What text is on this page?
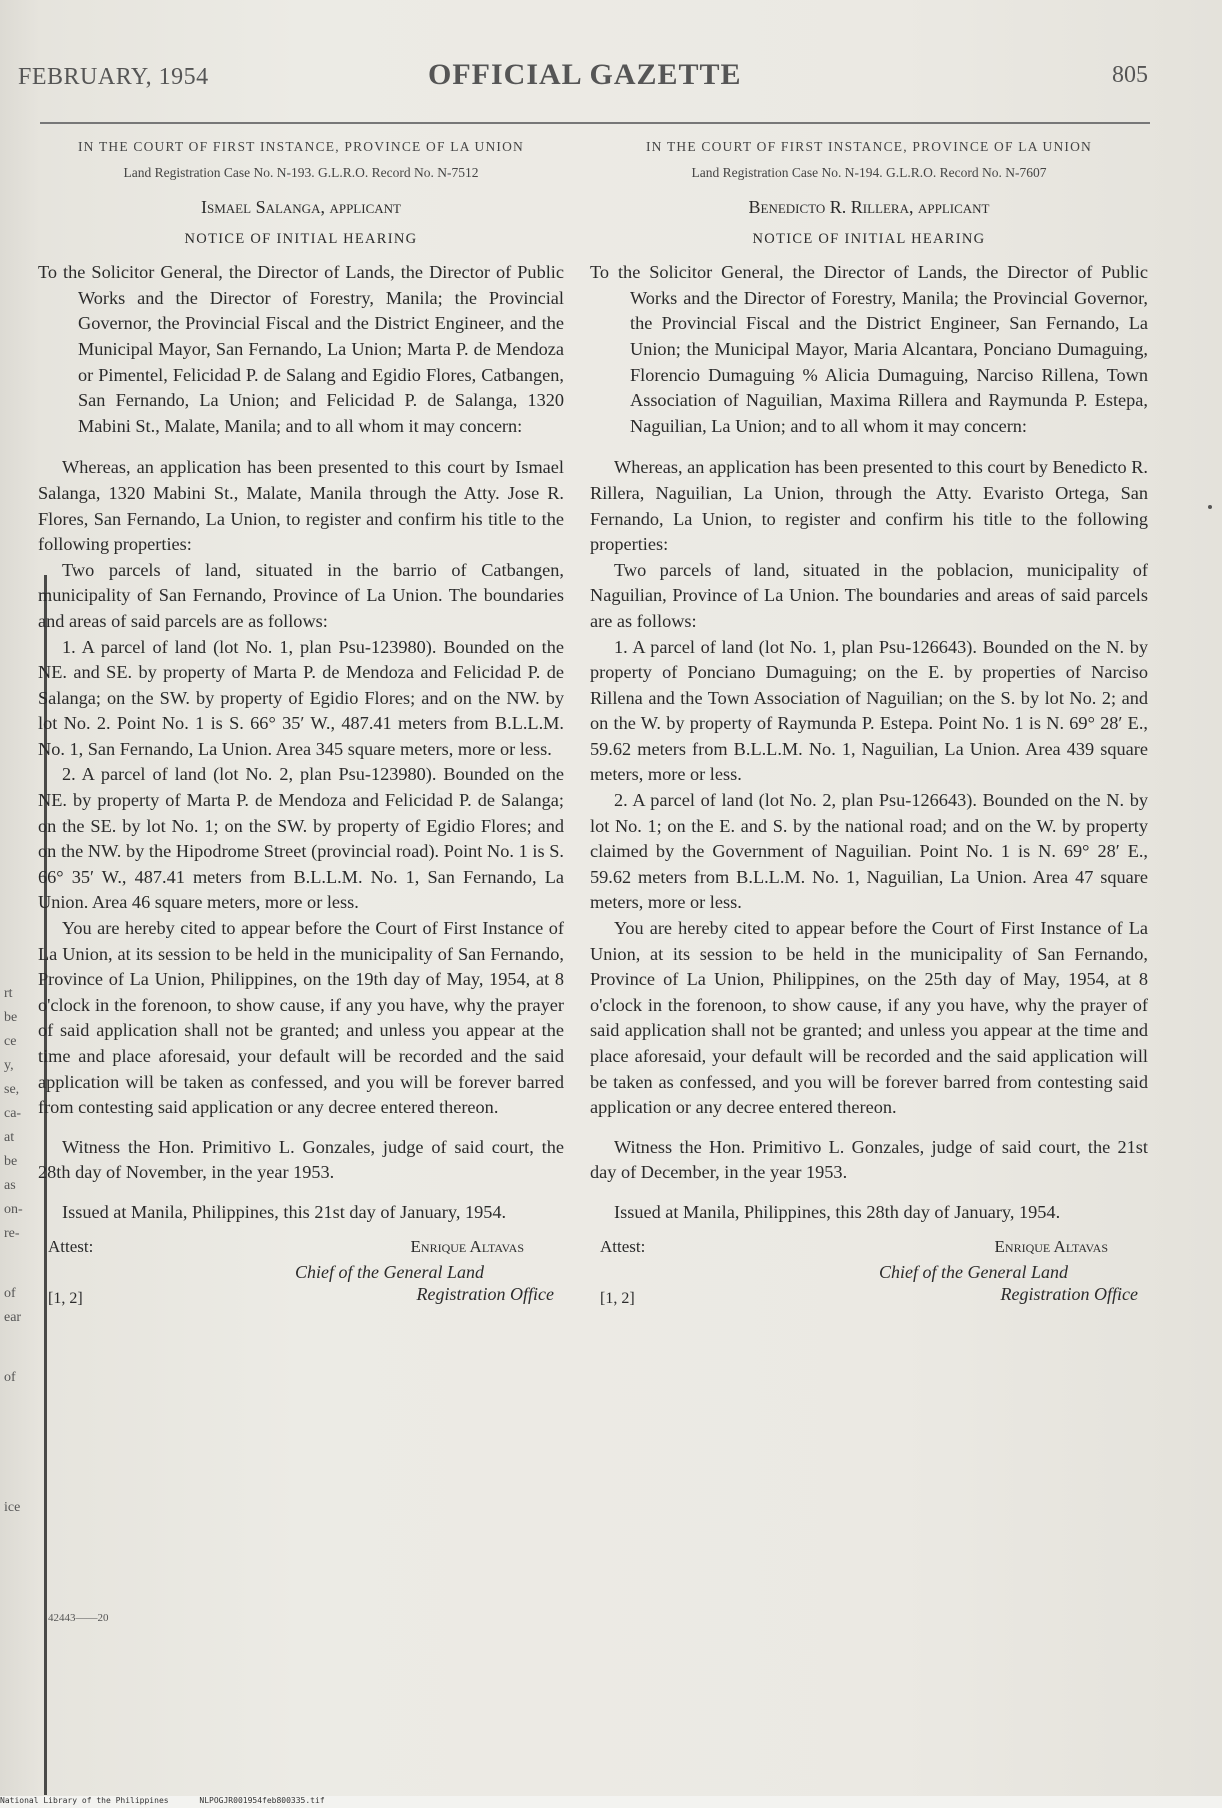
rt
be
ce
y,
se,
ca-
at
be
as
on-
re-
of
ear
of
ice
FEBRUARY, 1954	OFFICIAL GAZETTE	805
IN THE COURT OF FIRST INSTANCE, PROVINCE OF LA UNION
Land Registration Case No. N-193. G.L.R.O. Record No. N-7512
Ismael Salanga, applicant
NOTICE OF INITIAL HEARING

To the Solicitor General, the Director of Lands, the Director of Public Works and the Director of Forestry, Manila; the Provincial Governor, the Provincial Fiscal and the District Engineer, and the Municipal Mayor, San Fernando, La Union; Marta P. de Mendoza or Pimentel, Felicidad P. de Salang and Egidio Flores, Catbangen, San Fernando, La Union; and Felicidad P. de Salanga, 1320 Mabini St., Malate, Manila; and to all whom it may concern:

Whereas, an application has been presented to this court by Ismael Salanga, 1320 Mabini St., Malate, Manila through the Atty. Jose R. Flores, San Fernando, La Union, to register and confirm his title to the following properties:

Two parcels of land, situated in the barrio of Catbangen, municipality of San Fernando, Province of La Union. The boundaries and areas of said parcels are as follows:

1. A parcel of land (lot No. 1, plan Psu-123980). Bounded on the NE. and SE. by property of Marta P. de Mendoza and Felicidad P. de Salanga; on the SW. by property of Egidio Flores; and on the NW. by lot No. 2. Point No. 1 is S. 66° 35′ W., 487.41 meters from B.L.L.M. No. 1, San Fernando, La Union. Area 345 square meters, more or less.

2. A parcel of land (lot No. 2, plan Psu-123980). Bounded on the NE. by property of Marta P. de Mendoza and Felicidad P. de Salanga; on the SE. by lot No. 1; on the SW. by property of Egidio Flores; and on the NW. by the Hipodrome Street (provincial road). Point No. 1 is S. 66° 35′ W., 487.41 meters from B.L.L.M. No. 1, San Fernando, La Union. Area 46 square meters, more or less.

You are hereby cited to appear before the Court of First Instance of La Union, at its session to be held in the municipality of San Fernando, Province of La Union, Philippines, on the 19th day of May, 1954, at 8 o'clock in the forenoon, to show cause, if any you have, why the prayer of said application shall not be granted; and unless you appear at the time and place aforesaid, your default will be recorded and the said application will be taken as confessed, and you will be forever barred from contesting said application or any decree entered thereon.

Witness the Hon. Primitivo L. Gonzales, judge of said court, the 28th day of November, in the year 1953.

Issued at Manila, Philippines, this 21st day of January, 1954.

Attest:	Enrique Altavas
Chief of the General Land
Registration Office
[1, 2]
42443——20
IN THE COURT OF FIRST INSTANCE, PROVINCE OF LA UNION
Land Registration Case No. N-194. G.L.R.O. Record No. N-7607
Benedicto R. Rillera, applicant
NOTICE OF INITIAL HEARING

To the Solicitor General, the Director of Lands, the Director of Public Works and the Director of Forestry, Manila; the Provincial Governor, the Provincial Fiscal and the District Engineer, San Fernando, La Union; the Municipal Mayor, Maria Alcantara, Ponciano Dumaguing, Florencio Dumaguing % Alicia Dumaguing, Narciso Rillena, Town Association of Naguilian, Maxima Rillera and Raymunda P. Estepa, Naguilian, La Union; and to all whom it may concern:

Whereas, an application has been presented to this court by Benedicto R. Rillera, Naguilian, La Union, through the Atty. Evaristo Ortega, San Fernando, La Union, to register and confirm his title to the following properties:

Two parcels of land, situated in the poblacion, municipality of Naguilian, Province of La Union. The boundaries and areas of said parcels are as follows:

1. A parcel of land (lot No. 1, plan Psu-126643). Bounded on the N. by property of Ponciano Dumaguing; on the E. by properties of Narciso Rillena and the Town Association of Naguilian; on the S. by lot No. 2; and on the W. by property of Raymunda P. Estepa. Point No. 1 is N. 69° 28′ E., 59.62 meters from B.L.L.M. No. 1, Naguilian, La Union. Area 439 square meters, more or less.

2. A parcel of land (lot No. 2, plan Psu-126643). Bounded on the N. by lot No. 1; on the E. and S. by the national road; and on the W. by property claimed by the Government of Naguilian. Point No. 1 is N. 69° 28′ E., 59.62 meters from B.L.L.M. No. 1, Naguilian, La Union. Area 47 square meters, more or less.

You are hereby cited to appear before the Court of First Instance of La Union, at its session to be held in the municipality of San Fernando, Province of La Union, Philippines, on the 25th day of May, 1954, at 8 o'clock in the forenoon, to show cause, if any you have, why the prayer of said application shall not be granted; and unless you appear at the time and place aforesaid, your default will be recorded and the said application will be taken as confessed, and you will be forever barred from contesting said application or any decree entered thereon.

Witness the Hon. Primitivo L. Gonzales, judge of said court, the 21st day of December, in the year 1953.

Issued at Manila, Philippines, this 28th day of January, 1954.

Attest:	Enrique Altavas
Chief of the General Land
Registration Office
[1, 2]
National Library of the Philippines	NLPOGJR001954feb800335.tif
